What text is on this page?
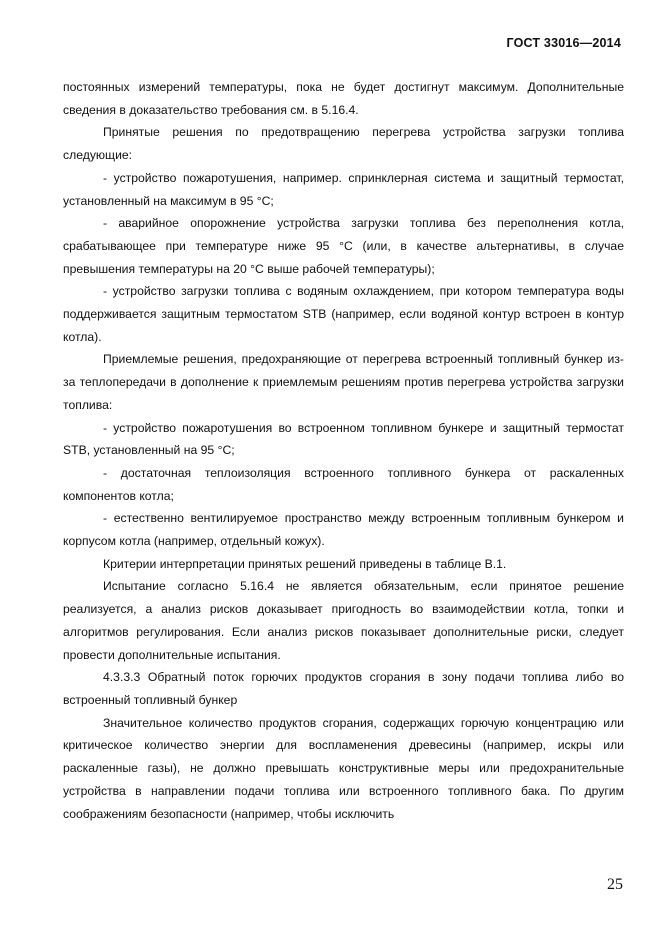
ГОСТ 33016—2014

постоянных измерений температуры, пока не будет достигнут максимум. Дополнительные сведения в доказательство требования см. в 5.16.4.

Принятые решения по предотвращению перегрева устройства загрузки топлива следующие:

- устройство пожаротушения, например. спринклерная система и защитный термостат, установленный на максимум в 95 °С;

- аварийное опорожнение устройства загрузки топлива без переполнения котла, срабатывающее при температуре ниже 95 °С (или, в качестве альтернативы, в случае превышения температуры на 20 °С выше рабочей температуры);

- устройство загрузки топлива с водяным охлаждением, при котором температура воды поддерживается защитным термостатом STB (например, если водяной контур встроен в контур котла).

Приемлемые решения, предохраняющие от перегрева встроенный топливный бункер из-за теплопередачи в дополнение к приемлемым решениям против перегрева устройства загрузки топлива:

- устройство пожаротушения во встроенном топливном бункере и защитный термостат STB, установленный на 95 °С;

- достаточная теплоизоляция встроенного топливного бункера от раскаленных компонентов котла;

- естественно вентилируемое пространство между встроенным топливным бункером и корпусом котла (например, отдельный кожух).

Критерии интерпретации принятых решений приведены в таблице В.1.

Испытание согласно 5.16.4 не является обязательным, если принятое решение реализуется, а анализ рисков доказывает пригодность во взаимодействии котла, топки и алгоритмов регулирования. Если анализ рисков показывает дополнительные риски, следует провести дополнительные испытания.

4.3.3.3 Обратный поток горючих продуктов сгорания в зону подачи топлива либо во встроенный топливный бункер

Значительное количество продуктов сгорания, содержащих горючую концентрацию или критическое количество энергии для воспламенения древесины (например, искры или раскаленные газы), не должно превышать конструктивные меры или предохранительные устройства в направлении подачи топлива или встроенного топливного бака. По другим соображениям безопасности (например, чтобы исключить

25
